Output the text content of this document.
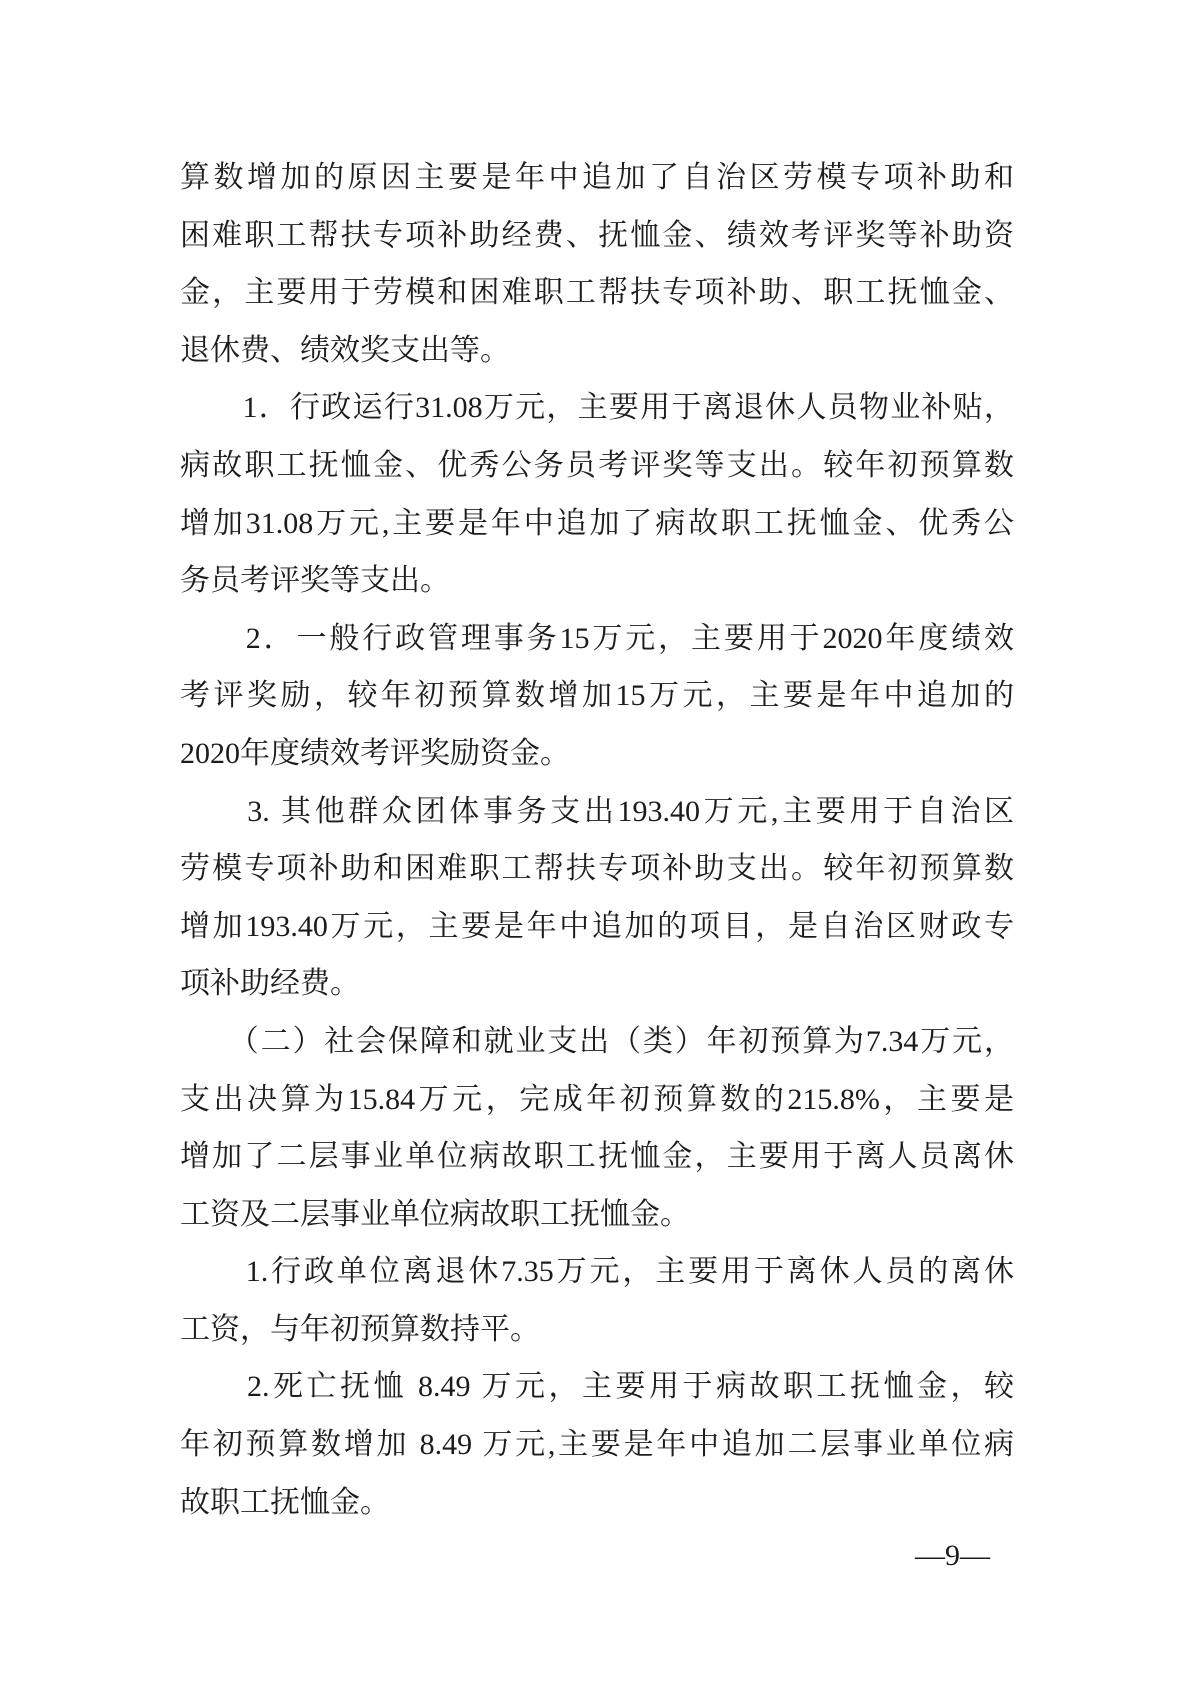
算数增加的原因主要是年中追加了自治区劳模专项补助和
困难职工帮扶专项补助经费、抚恤金、绩效考评奖等补助资
金，主要用于劳模和困难职工帮扶专项补助、职工抚恤金、
退休费、绩效奖支出等。
　　1．行政运行31.08万元，主要用于离退休人员物业补贴，
病故职工抚恤金、优秀公务员考评奖等支出。较年初预算数
增加31.08万元,主要是年中追加了病故职工抚恤金、优秀公
务员考评奖等支出。
　　2．一般行政管理事务15万元，主要用于2020年度绩效
考评奖励，较年初预算数增加15万元，主要是年中追加的
2020年度绩效考评奖励资金。
　　3. 其他群众团体事务支出193.40万元,主要用于自治区
劳模专项补助和困难职工帮扶专项补助支出。较年初预算数
增加193.40万元，主要是年中追加的项目，是自治区财政专
项补助经费。
　　（二）社会保障和就业支出（类）年初预算为7.34万元，
支出决算为15.84万元，完成年初预算数的215.8%，主要是
增加了二层事业单位病故职工抚恤金，主要用于离人员离休
工资及二层事业单位病故职工抚恤金。
　　1.行政单位离退休7.35万元，主要用于离休人员的离休
工资，与年初预算数持平。
　　2.死亡抚恤 8.49 万元，主要用于病故职工抚恤金，较
年初预算数增加 8.49 万元,主要是年中追加二层事业单位病
故职工抚恤金。
—9—
